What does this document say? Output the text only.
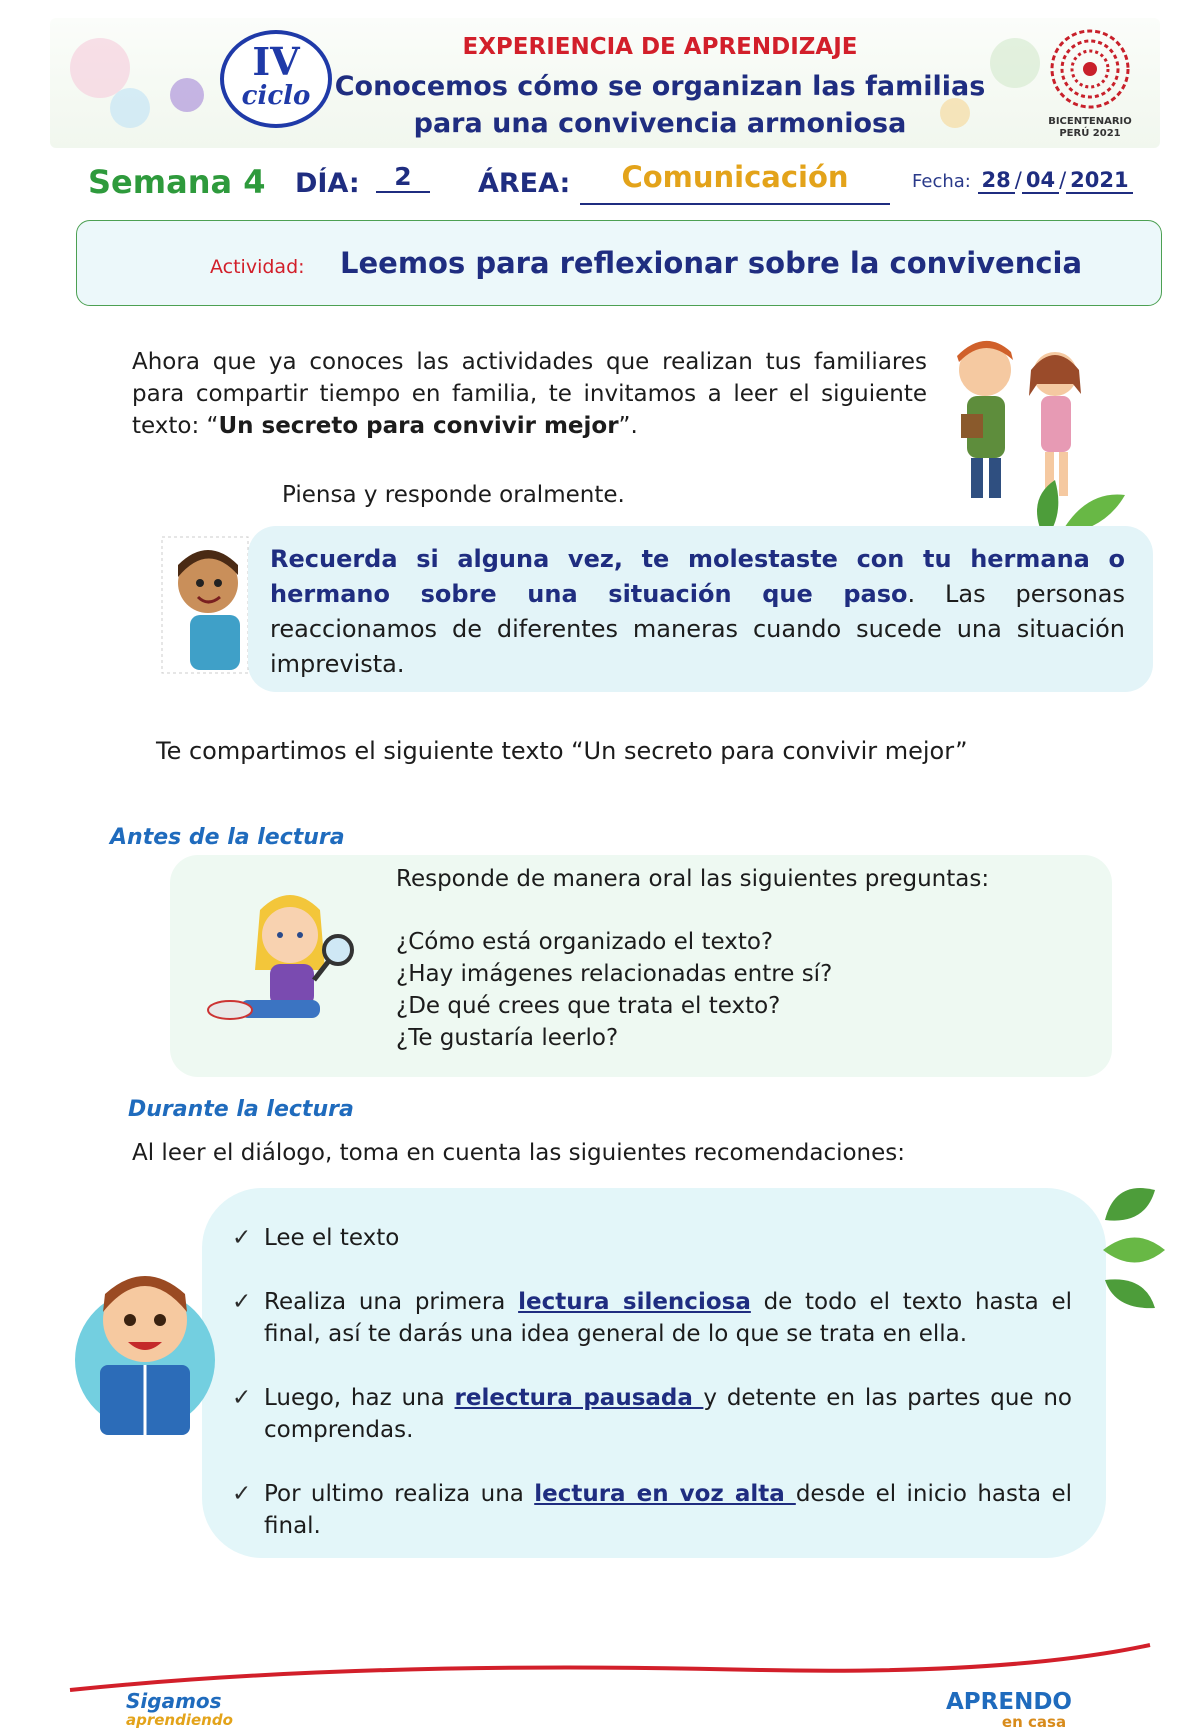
IV
ciclo
EXPERIENCIA DE APRENDIZAJE
Conocemos cómo se organizan las familias
para una convivencia armoniosa	BICENTENARIO
PERÚ 2021
Semana 4 DÍA:	2	ÁREA:	Comunicación	Fecha: 28 / 04 / 2021
Actividad: Leemos para reflexionar sobre la convivencia
Ahora que ya conoces las actividades que realizan tus familiares para compartir tiempo en familia, te invitamos a leer el siguiente texto: “Un secreto para convivir mejor”.
Piensa y responde oralmente.
Recuerda si alguna vez, te molestaste con tu hermana o hermano sobre una situación que paso. Las personas reaccionamos de diferentes maneras cuando sucede una situación imprevista.
Te compartimos el siguiente texto “Un secreto para convivir mejor”
Antes de la lectura
Responde de manera oral las siguientes preguntas:
¿Cómo está organizado el texto?
¿Hay imágenes relacionadas entre sí?
¿De qué crees que trata el texto?
¿Te gustaría leerlo?
Durante la lectura
Al leer el diálogo, toma en cuenta las siguientes recomendaciones:
✓ Lee el texto
✓ Realiza una primera lectura silenciosa de todo el texto hasta el final, así te darás una idea general de lo que se trata en ella.
✓ Luego, haz una relectura pausada y detente en las partes que no comprendas.
✓ Por ultimo realiza una lectura en voz alta desde el inicio hasta el final.
Sigamos
aprendiendo
APRENDO
en casa
